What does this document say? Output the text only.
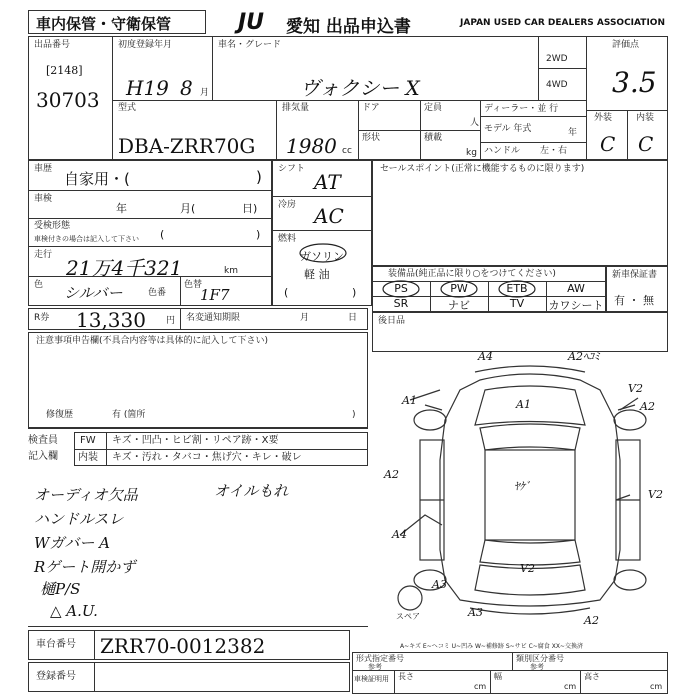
車内保管・守衛保管	JU 愛知 出品申込書	JAPAN USED CAR DEALERS ASSOCIATION
出品番号
[2148]
30703
初度登録年月
H19 8 月
車名・グレード
ヴォクシー X
2WD
4WD
評価点
3.5
外装	内装
C C
型式
DBA-ZRR70G
排気量
1980 cc
ドア	定員
人
形状	積載
kg
ディーラー・並 行
モデル 年式	年
ハンドル 左・右
車歴
自家用・(	)
車検
年	月(	日)
受検形態
車検付きの場合は記入して下さい (	)
走行
21万4千321	km
色 シルバー	色番
色替
1F7
シフト
AT
冷房 AC
燃料
ガソリン
軽 油
(	)
セールスポイント(正常に機能するものに限ります)
装備品(純正品に限り○をつけてください)
PS	PW	ETB	AW
SR	ナビ	TV	カワシート
新車保証書
有 ・ 無
R券 13,330 円 名変通知期限	月	日 後日品
注意事項申告欄(不具合内容等は具体的に記入して下さい)
修復歴	有 (箇所	)
検査員
記入欄
FW キズ・凹凸・ヒビ割・リペア跡・X要
内装 キズ・汚れ・タバコ・焦げ穴・キレ・破レ
オーディオ欠品
ハンドルスレ
Wガバー A
Rゲート開かず
樋P/S
△ A.U.
オイルもれ
A4	A2ﾍｺﾐ
A1	A1
V2
A2
A2
ﾔｹﾞ
V2
A4
V2
A3
A3
A2
スペア
A~キズ E~ヘコミ U~凹み W~補修跡 S~サビ C~腐食 XX~交換済
車台番号 ZRR70-0012382
登録番号
形式指定番号
参考
類別区分番号
参考
車検証明用 長さ
cm
幅
cm
高さ
cm
